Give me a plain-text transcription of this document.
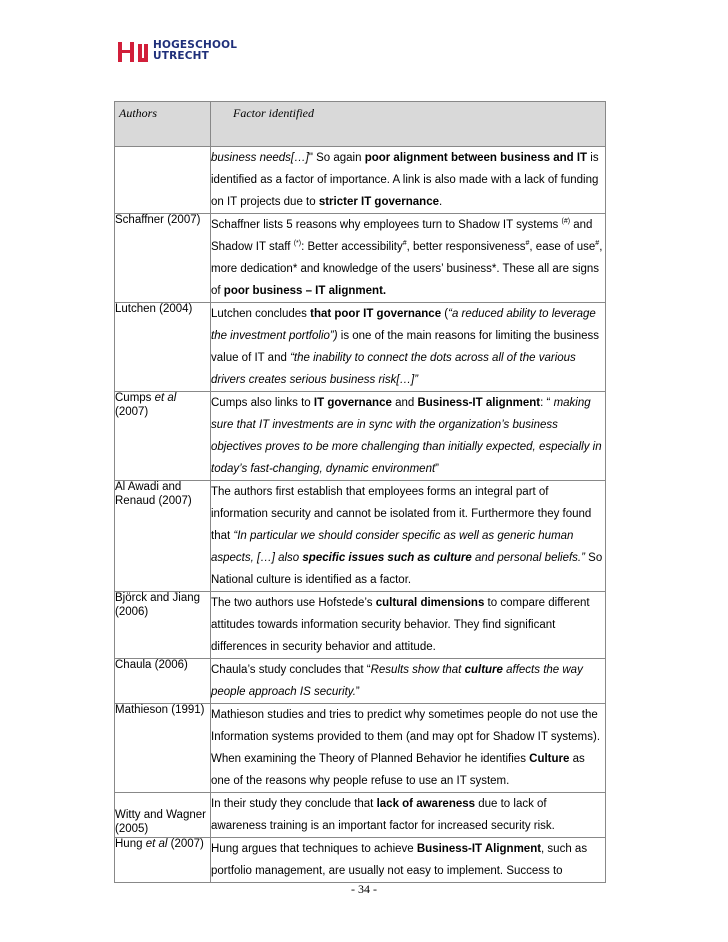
HOGESCHOOL
UTRECHT
Authors	Factor identified

	business needs[…]" So again poor alignment between business and IT is identified as a factor of importance. A link is also made with a lack of funding on IT projects due to stricter IT governance.
Schaffner (2007)	Schaffner lists 5 reasons why employees turn to Shadow IT systems (#) and Shadow IT staff (*): Better accessibility#, better responsiveness#, ease of use#, more dedication* and knowledge of the users’ business*. These all are signs of poor business – IT alignment.
Lutchen (2004)	Lutchen concludes that poor IT governance (“a reduced ability to leverage the investment portfolio”) is one of the main reasons for limiting the business value of IT and “the inability to connect the dots across all of the various drivers creates serious business risk[…]”
Cumps et al (2007)	Cumps also links to IT governance and Business-IT alignment: “ making sure that IT investments are in sync with the organization’s business objectives proves to be more challenging than initially expected, especially in today’s fast-changing, dynamic environment”
Al Awadi and Renaud (2007)	The authors first establish that employees forms an integral part of information security and cannot be isolated from it. Furthermore they found that “In particular we should consider specific as well as generic human aspects, […] also specific issues such as culture and personal beliefs.” So National culture is identified as a factor.
Björck and Jiang (2006)	The two authors use Hofstede’s cultural dimensions to compare different attitudes towards information security behavior. They find significant differences in security behavior and attitude.
Chaula (2006)	Chaula’s study concludes that “Results show that culture affects the way people approach IS security.”
Mathieson (1991)	Mathieson studies and tries to predict why sometimes people do not use the Information systems provided to them (and may opt for Shadow IT systems). When examining the Theory of Planned Behavior he identifies Culture as one of the reasons why people refuse to use an IT system.
Witty and Wagner (2005)	In their study they conclude that lack of awareness due to lack of awareness training is an important factor for increased security risk.
Hung et al (2007)	Hung argues that techniques to achieve Business-IT Alignment, such as portfolio management, are usually not easy to implement. Success to
- 34 -
